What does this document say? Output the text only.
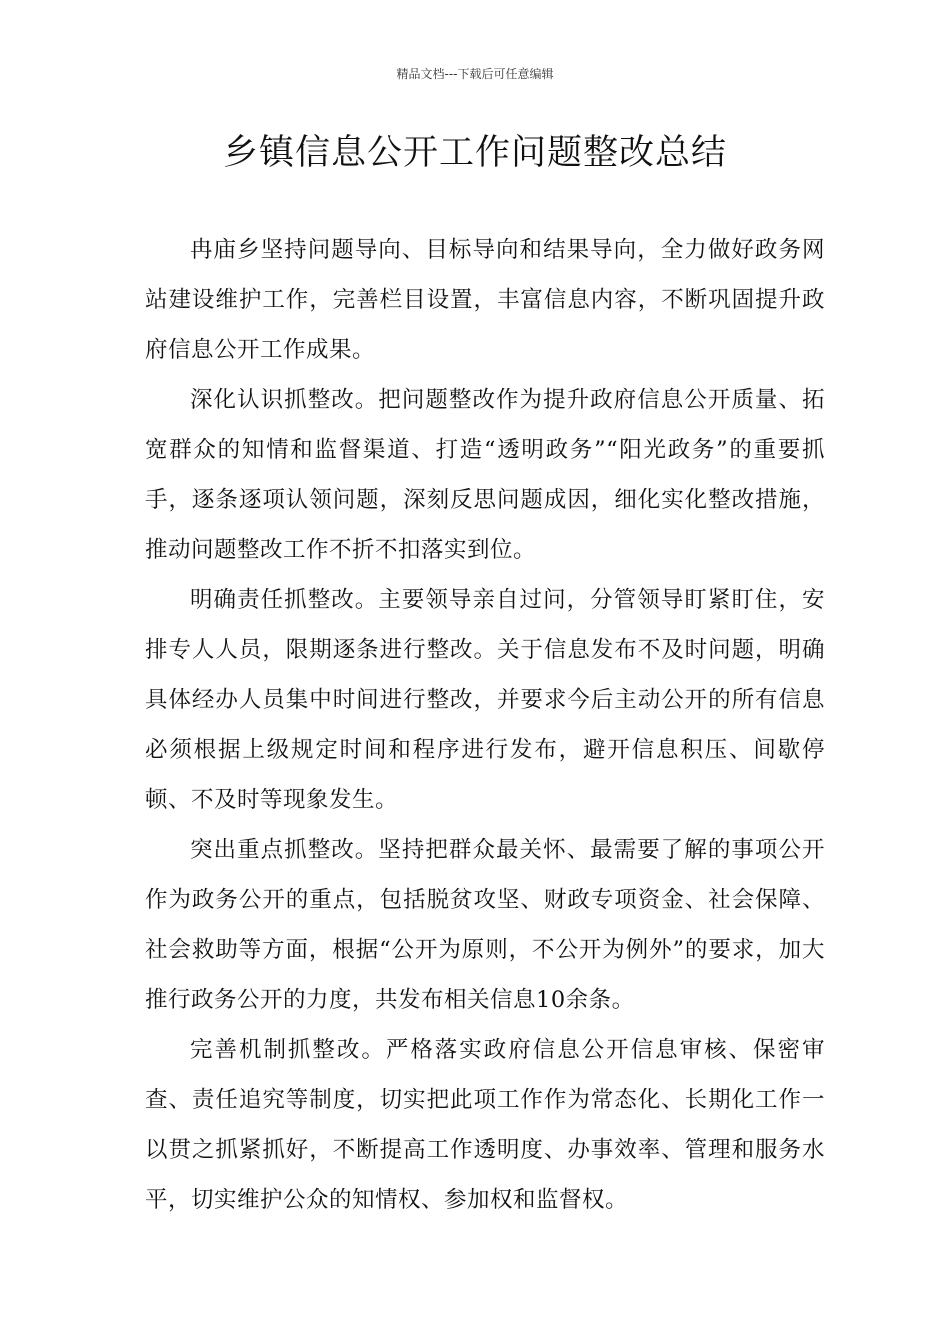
精品文档---下载后可任意编辑
乡镇信息公开工作问题整改总结

冉庙乡坚持问题导向、目标导向和结果导向，全力做好政务网站建设维护工作，完善栏目设置，丰富信息内容，不断巩固提升政府信息公开工作成果。

深化认识抓整改。把问题整改作为提升政府信息公开质量、拓宽群众的知情和监督渠道、打造“透明政务”“阳光政务”的重要抓手，逐条逐项认领问题，深刻反思问题成因，细化实化整改措施，推动问题整改工作不折不扣落实到位。

明确责任抓整改。主要领导亲自过问，分管领导盯紧盯住，安排专人人员，限期逐条进行整改。关于信息发布不及时问题，明确具体经办人员集中时间进行整改，并要求今后主动公开的所有信息必须根据上级规定时间和程序进行发布，避开信息积压、间歇停顿、不及时等现象发生。

突出重点抓整改。坚持把群众最关怀、最需要了解的事项公开作为政务公开的重点，包括脱贫攻坚、财政专项资金、社会保障、社会救助等方面，根据“公开为原则，不公开为例外”的要求，加大推行政务公开的力度，共发布相关信息10余条。

完善机制抓整改。严格落实政府信息公开信息审核、保密审查、责任追究等制度，切实把此项工作作为常态化、长期化工作一以贯之抓紧抓好，不断提高工作透明度、办事效率、管理和服务水平，切实维护公众的知情权、参加权和监督权。
